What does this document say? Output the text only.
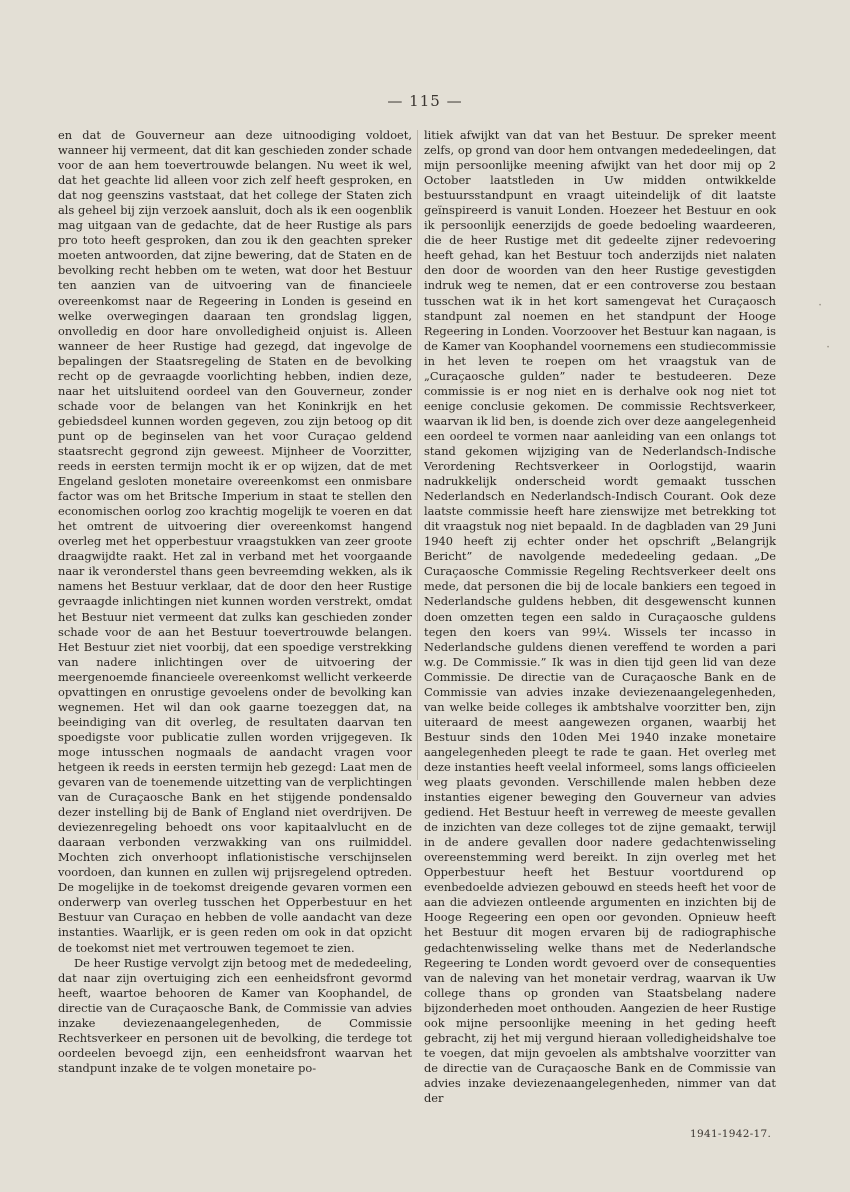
— 115 —

en dat de Gouverneur aan deze uitnoodiging voldoet, wanneer hij vermeent, dat dit kan geschieden zonder schade voor de aan hem toevertrouwde belangen. Nu weet ik wel, dat het geachte lid alleen voor zich zelf heeft gesproken, en dat nog geenszins vaststaat, dat het college der Staten zich als geheel bij zijn verzoek aansluit, doch als ik een oogenblik mag uitgaan van de gedachte, dat de heer Rustige als pars pro toto heeft gesproken, dan zou ik den geachten spreker moeten antwoorden, dat zijne bewering, dat de Staten en de bevolking recht hebben om te weten, wat door het Bestuur ten aanzien van de uitvoering van de financieele overeenkomst naar de Regeering in Londen is geseind en welke overwegingen daaraan ten grondslag liggen, onvolledig en door hare onvolledigheid onjuist is. Alleen wanneer de heer Rustige had gezegd, dat ingevolge de bepalingen der Staatsregeling de Staten en de bevolking recht op de gevraagde voorlichting hebben, indien deze, naar het uitsluitend oordeel van den Gouverneur, zonder schade voor de belangen van het Koninkrijk en het gebiedsdeel kunnen worden gegeven, zou zijn betoog op dit punt op de beginselen van het voor Curaçao geldend staatsrecht gegrond zijn geweest. Mijnheer de Voorzitter, reeds in eersten termijn mocht ik er op wijzen, dat de met Engeland gesloten monetaire overeenkomst een onmisbare factor was om het Britsche Imperium in staat te stellen den economischen oorlog zoo krachtig mogelijk te voeren en dat het omtrent de uitvoering dier overeenkomst hangend overleg met het opperbestuur vraagstukken van zeer groote draagwijdte raakt. Het zal in verband met het voorgaande naar ik veronderstel thans geen bevreemding wekken, als ik namens het Bestuur verklaar, dat de door den heer Rustige gevraagde inlichtingen niet kunnen worden verstrekt, omdat het Bestuur niet vermeent dat zulks kan geschieden zonder schade voor de aan het Bestuur toevertrouwde belangen. Het Bestuur ziet niet voorbij, dat een spoedige verstrekking van nadere inlichtingen over de uitvoering der meergenoemde financieele overeenkomst wellicht verkeerde opvattingen en onrustige gevoelens onder de bevolking kan wegnemen. Het wil dan ook gaarne toezeggen dat, na beeindiging van dit overleg, de resultaten daarvan ten spoedigste voor publicatie zullen worden vrijgegeven. Ik moge intusschen nogmaals de aandacht vragen voor hetgeen ik reeds in eersten termijn heb gezegd: Laat men de gevaren van de toenemende uitzetting van de verplichtingen van de Curaçaosche Bank en het stijgende pondensaldo dezer instelling bij de Bank of England niet overdrijven. De deviezenregeling behoedt ons voor kapitaalvlucht en de daaraan verbonden verzwakking van ons ruilmiddel. Mochten zich onverhoopt inflationistische verschijnselen voordoen, dan kunnen en zullen wij prijsregelend optreden. De mogelijke in de toekomst dreigende gevaren vormen een onderwerp van overleg tusschen het Opperbestuur en het Bestuur van Curaçao en hebben de volle aandacht van deze instanties. Waarlijk, er is geen reden om ook in dat opzicht de toekomst niet met vertrouwen tegemoet te zien.

De heer Rustige vervolgt zijn betoog met de mededeeling, dat naar zijn overtuiging zich een eenheidsfront gevormd heeft, waartoe behooren de Kamer van Koophandel, de directie van de Curaçaosche Bank, de Commissie van advies inzake deviezenaangelegenheden, de Commissie Rechtsverkeer en personen uit de bevolking, die terdege tot oordeelen bevoegd zijn, een eenheidsfront waarvan het standpunt inzake de te volgen monetaire po-

litiek afwijkt van dat van het Bestuur. De spreker meent zelfs, op grond van door hem ontvangen mededeelingen, dat mijn persoonlijke meening afwijkt van het door mij op 2 October laatstleden in Uw midden ontwikkelde bestuursstandpunt en vraagt uiteindelijk of dit laatste geïnspireerd is vanuit Londen. Hoezeer het Bestuur en ook ik persoonlijk eenerzijds de goede bedoeling waardeeren, die de heer Rustige met dit gedeelte zijner redevoering heeft gehad, kan het Bestuur toch anderzijds niet nalaten den door de woorden van den heer Rustige gevestigden indruk weg te nemen, dat er een controverse zou bestaan tusschen wat ik in het kort samengevat het Curaçaosch standpunt zal noemen en het standpunt der Hooge Regeering in Londen. Voorzoover het Bestuur kan nagaan, is de Kamer van Koophandel voornemens een studiecommissie in het leven te roepen om het vraagstuk van de „Curaçaosche gulden” nader te bestudeeren. Deze commissie is er nog niet en is derhalve ook nog niet tot eenige conclusie gekomen. De commissie Rechtsverkeer, waarvan ik lid ben, is doende zich over deze aangelegenheid een oordeel te vormen naar aanleiding van een onlangs tot stand gekomen wijziging van de Nederlandsch-Indische Verordening Rechtsverkeer in Oorlogstijd, waarin nadrukkelijk onderscheid wordt gemaakt tusschen Nederlandsch en Nederlandsch-Indisch Courant. Ook deze laatste commissie heeft hare zienswijze met betrekking tot dit vraagstuk nog niet bepaald. In de dagbladen van 29 Juni 1940 heeft zij echter onder het opschrift „Belangrijk Bericht” de navolgende mededeeling gedaan. „De Curaçaosche Commissie Regeling Rechtsverkeer deelt ons mede, dat personen die bij de locale bankiers een tegoed in Nederlandsche guldens hebben, dit desgewenscht kunnen doen omzetten tegen een saldo in Curaçaosche guldens tegen den koers van 99¼. Wissels ter incasso in Nederlandsche guldens dienen vereffend te worden a pari w.g. De Commissie.” Ik was in dien tijd geen lid van deze Commissie. De directie van de Curaçaosche Bank en de Commissie van advies inzake deviezenaangelegenheden, van welke beide colleges ik ambtshalve voorzitter ben, zijn uiteraard de meest aangewezen organen, waarbij het Bestuur sinds den 10den Mei 1940 inzake monetaire aangelegenheden pleegt te rade te gaan. Het overleg met deze instanties heeft veelal informeel, soms langs officieelen weg plaats gevonden. Verschillende malen hebben deze instanties eigener beweging den Gouverneur van advies gediend. Het Bestuur heeft in verreweg de meeste gevallen de inzichten van deze colleges tot de zijne gemaakt, terwijl in de andere gevallen door nadere gedachtenwisseling overeenstemming werd bereikt. In zijn overleg met het Opperbestuur heeft het Bestuur voortdurend op evenbedoelde adviezen gebouwd en steeds heeft het voor de aan die adviezen ontleende argumenten en inzichten bij de Hooge Regeering een open oor gevonden. Opnieuw heeft het Bestuur dit mogen ervaren bij de radiographische gedachtenwisseling welke thans met de Nederlandsche Regeering te Londen wordt gevoerd over de consequenties van de naleving van het monetair verdrag, waarvan ik Uw college thans op gronden van Staatsbelang nadere bijzonderheden moet onthouden. Aangezien de heer Rustige ook mijne persoonlijke meening in het geding heeft gebracht, zij het mij vergund hieraan volledigheidshalve toe te voegen, dat mijn gevoelen als ambtshalve voorzitter van de directie van de Curaçaosche Bank en de Commissie van advies inzake deviezenaangelegenheden, nimmer van dat der

·
·
1941-1942-17.
